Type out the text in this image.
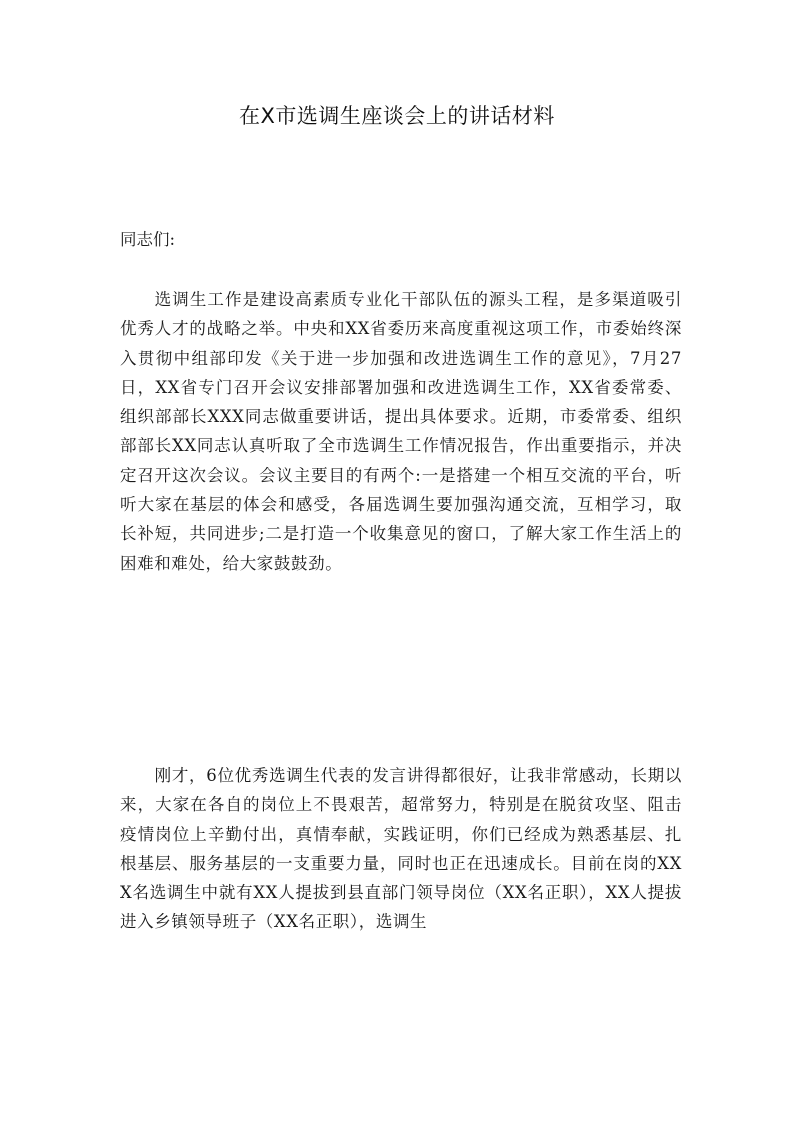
在X市选调生座谈会上的讲话材料

同志们:

选调生工作是建设高素质专业化干部队伍的源头工程，是多渠道吸引优秀人才的战略之举。中央和XX省委历来高度重视这项工作，市委始终深入贯彻中组部印发《关于进一步加强和改进选调生工作的意见》，7月27日，XX省专门召开会议安排部署加强和改进选调生工作，XX省委常委、组织部部长XXX同志做重要讲话，提出具体要求。近期，市委常委、组织部部长XX同志认真听取了全市选调生工作情况报告，作出重要指示，并决定召开这次会议。会议主要目的有两个:一是搭建一个相互交流的平台，听听大家在基层的体会和感受，各届选调生要加强沟通交流，互相学习，取长补短，共同进步;二是打造一个收集意见的窗口，了解大家工作生活上的困难和难处，给大家鼓鼓劲。

刚才，6位优秀选调生代表的发言讲得都很好，让我非常感动，长期以来，大家在各自的岗位上不畏艰苦，超常努力，特别是在脱贫攻坚、阻击疫情岗位上辛勤付出，真情奉献，实践证明，你们已经成为熟悉基层、扎根基层、服务基层的一支重要力量，同时也正在迅速成长。目前在岗的XXX名选调生中就有XX人提拔到县直部门领导岗位（XX名正职），XX人提拔进入乡镇领导班子（XX名正职），选调生
